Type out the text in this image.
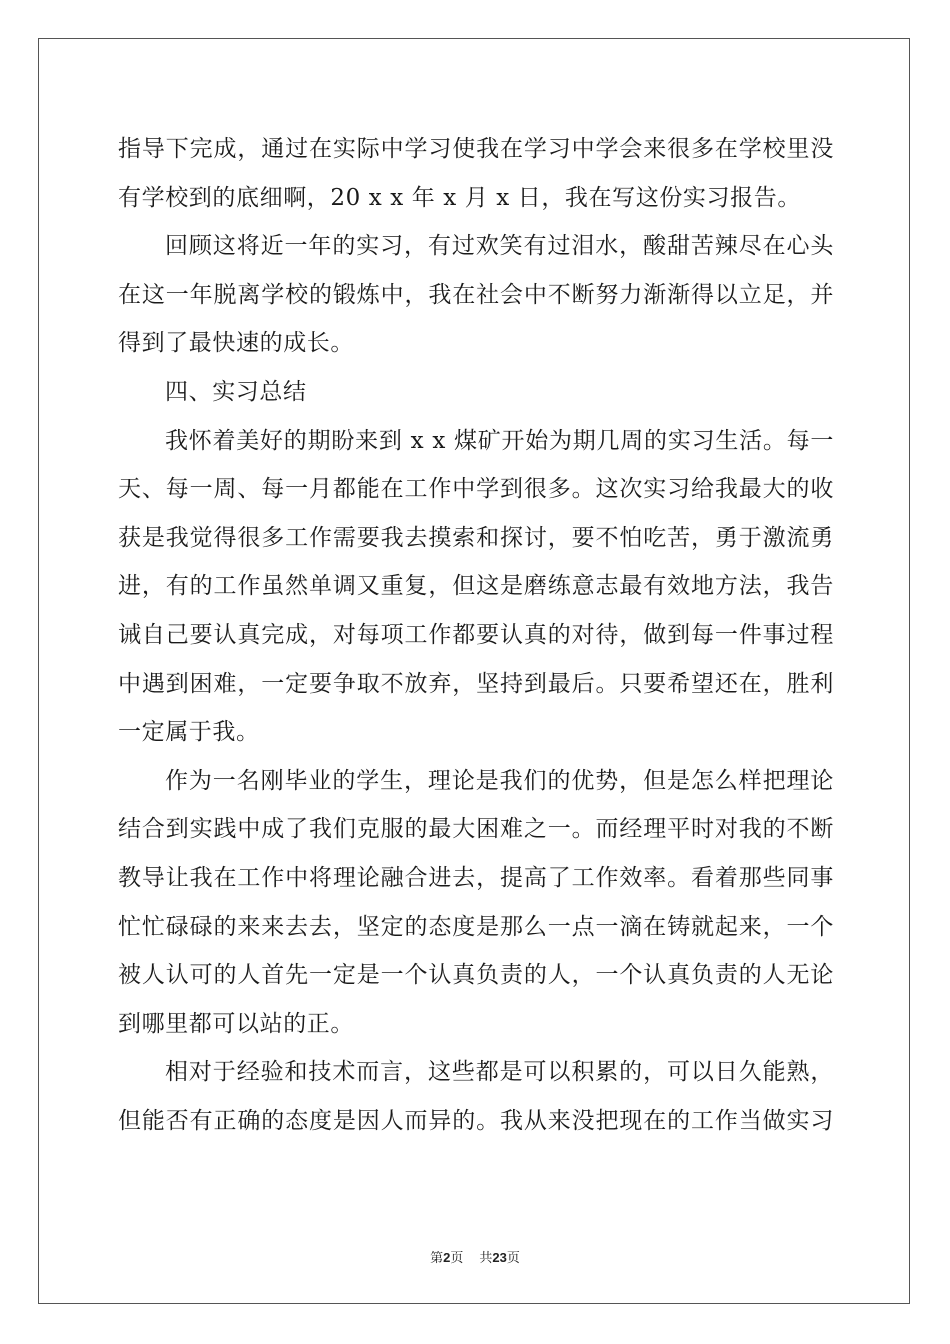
指导下完成，通过在实际中学习使我在学习中学会来很多在学校里没
有学校到的底细啊，20 x x 年 x 月 x 日，我在写这份实习报告。
回顾这将近一年的实习，有过欢笑有过泪水，酸甜苦辣尽在心头
在这一年脱离学校的锻炼中，我在社会中不断努力渐渐得以立足，并
得到了最快速的成长。
四、实习总结
我怀着美好的期盼来到 x x 煤矿开始为期几周的实习生活。每一
天、每一周、每一月都能在工作中学到很多。这次实习给我最大的收
获是我觉得很多工作需要我去摸索和探讨，要不怕吃苦，勇于激流勇
进，有的工作虽然单调又重复，但这是磨练意志最有效地方法，我告
诫自己要认真完成，对每项工作都要认真的对待，做到每一件事过程
中遇到困难，一定要争取不放弃，坚持到最后。只要希望还在，胜利
一定属于我。
作为一名刚毕业的学生，理论是我们的优势，但是怎么样把理论
结合到实践中成了我们克服的最大困难之一。而经理平时对我的不断
教导让我在工作中将理论融合进去，提高了工作效率。看着那些同事
忙忙碌碌的来来去去，坚定的态度是那么一点一滴在铸就起来，一个
被人认可的人首先一定是一个认真负责的人，一个认真负责的人无论
到哪里都可以站的正。
相对于经验和技术而言，这些都是可以积累的，可以日久能熟，
但能否有正确的态度是因人而异的。我从来没把现在的工作当做实习
第2页 共23页
